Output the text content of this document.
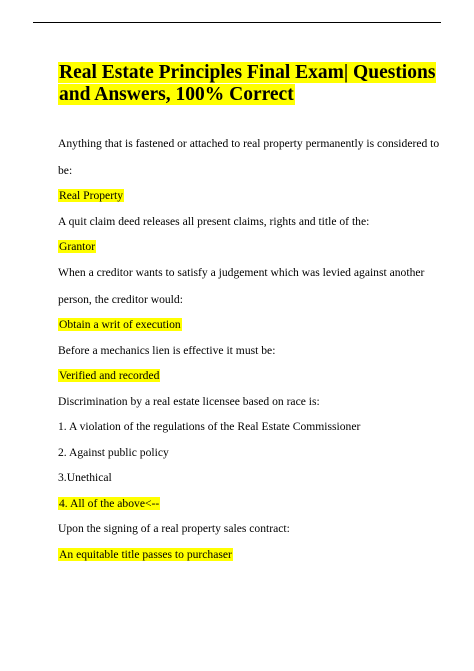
Real Estate Principles Final Exam| Questions and Answers, 100% Correct
Anything that is fastened or attached to real property permanently is considered to
be:
Real Property
A quit claim deed releases all present claims, rights and title of the:
Grantor
When a creditor wants to satisfy a judgement which was levied against another
person, the creditor would:
Obtain a writ of execution
Before a mechanics lien is effective it must be:
Verified and recorded
Discrimination by a real estate licensee based on race is:
1. A violation of the regulations of the Real Estate Commissioner
2. Against public policy
3.Unethical
4. All of the above<--
Upon the signing of a real property sales contract:
An equitable title passes to purchaser
